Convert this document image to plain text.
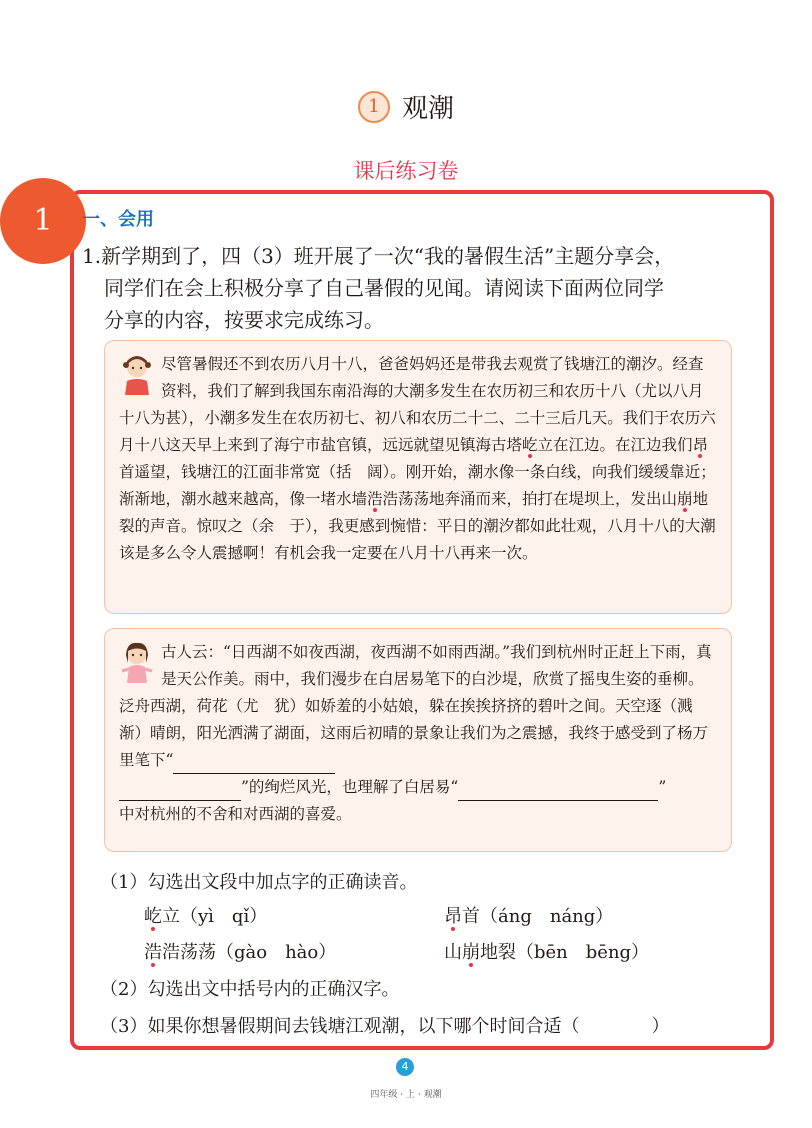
1 观潮
课后练习卷
1	一、会用
1.新学期到了，四（3）班开展了一次“我的暑假生活”主题分享会，
同学们在会上积极分享了自己暑假的见闻。请阅读下面两位同学
分享的内容，按要求完成练习。
尽管暑假还不到农历八月十八，爸爸妈妈还是带我去观赏了钱塘江的潮汐。经查资料，我们了解到我国东南沿海的大潮多发生在农历初三和农历十八（尤以八月十八为甚），小潮多发生在农历初七、初八和农历二十二、二十三后几天。我们于农历六月十八这天早上来到了海宁市盐官镇，远远就望见镇海古塔屹立在江边。在江边我们昂首遥望，钱塘江的江面非常宽（括　阔）。刚开始，潮水像一条白线，向我们缓缓靠近；渐渐地，潮水越来越高，像一堵水墙浩浩荡荡地奔涌而来，拍打在堤坝上，发出山崩地裂的声音。惊叹之（余　于），我更感到惋惜：平日的潮汐都如此壮观，八月十八的大潮该是多么令人震撼啊！有机会我一定要在八月十八再来一次。
古人云：“日西湖不如夜西湖，夜西湖不如雨西湖。”我们到杭州时正赶上下雨，真是天公作美。雨中，我们漫步在白居易笔下的白沙堤，欣赏了摇曳生姿的垂柳。泛舟西湖，荷花（尤　犹）如娇羞的小姑娘，躲在挨挨挤挤的碧叶之间。天空逐（溅　渐）晴朗，阳光洒满了湖面，这雨后初晴的景象让我们为之震撼，我终于感受到了杨万里笔下“
”的绚烂风光，也理解了白居易“	”
中对杭州的不舍和对西湖的喜爱。
（1）勾选出文段中加点字的正确读音。
屹立（yì　qǐ）	昂首（áng　náng）
浩浩荡荡（gào　hào）	山崩地裂（bēn　bēng）
（2）勾选出文中括号内的正确汉字。
（3）如果你想暑假期间去钱塘江观潮，以下哪个时间合适（　　　　）
4
四年级 · 上 · 观潮
